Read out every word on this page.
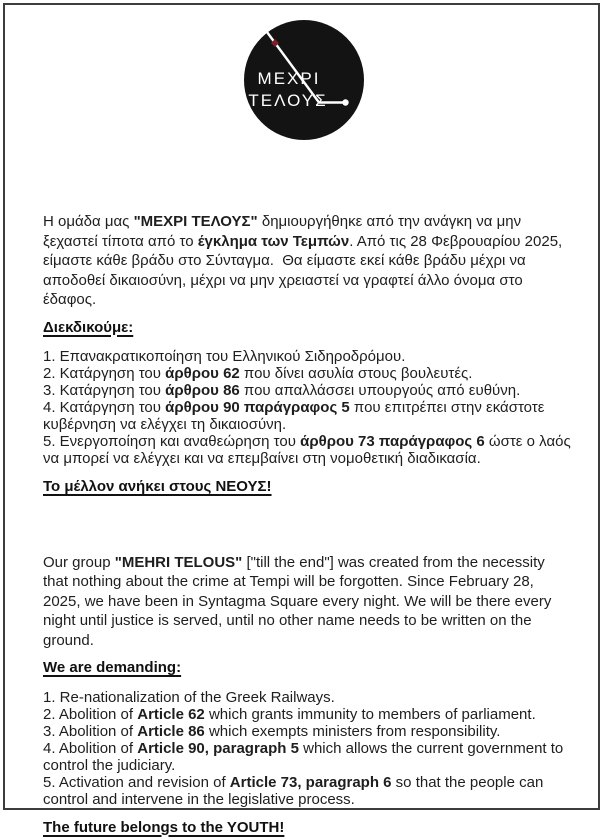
ΜΕΧΡΙ
ΤΕΛΟΥΣ

Η ομάδα μας "ΜΕΧΡΙ ΤΕΛΟΥΣ" δημιουργήθηκε από την ανάγκη να μην ξεχαστεί τίποτα από το έγκλημα των Τεμπών. Από τις 28 Φεβρουαρίου 2025, είμαστε κάθε βράδυ στο Σύνταγμα.  Θα είμαστε εκεί κάθε βράδυ μέχρι να αποδοθεί δικαιοσύνη, μέχρι να μην χρειαστεί να γραφτεί άλλο όνομα στο έδαφος.

Διεκδικούμε:

1. Επανακρατικοποίηση του Ελληνικού Σιδηροδρόμου.

2. Κατάργηση του άρθρου 62 που δίνει ασυλία στους βουλευτές.

3. Κατάργηση του άρθρου 86 που απαλλάσσει υπουργούς από ευθύνη.

4. Κατάργηση του άρθρου 90 παράγραφος 5 που επιτρέπει στην εκάστοτε κυβέρνηση να ελέγχει τη δικαιοσύνη.

5. Ενεργοποίηση και αναθεώρηση του άρθρου 73 παράγραφος 6 ώστε ο λαός να μπορεί να ελέγχει και να επεμβαίνει στη νομοθετική διαδικασία.

Το μέλλον ανήκει στους ΝΕΟΥΣ!

Our group "MEHRI TELOUS" ["till the end"] was created from the necessity that nothing about the crime at Tempi will be forgotten. Since February 28, 2025, we have been in Syntagma Square every night. We will be there every night until justice is served, until no other name needs to be written on the ground.

We are demanding:

1. Re-nationalization of the Greek Railways.

2. Abolition of Article 62 which grants immunity to members of parliament.

3. Abolition of Article 86 which exempts ministers from responsibility.

4. Abolition of Article 90, paragraph 5 which allows the current government to control the judiciary.

5. Activation and revision of Article 73, paragraph 6 so that the people can control and intervene in the legislative process.

The future belongs to the YOUTH!
